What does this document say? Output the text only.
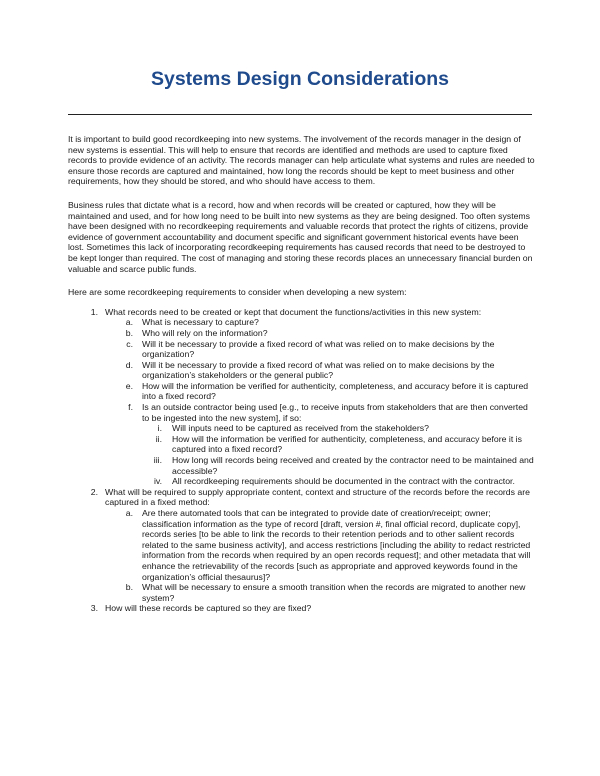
Systems Design Considerations

It is important to build good recordkeeping into new systems. The involvement of the records manager in the design of new systems is essential. This will help to ensure that records are identified and methods are used to capture fixed records to provide evidence of an activity. The records manager can help articulate what systems and rules are needed to ensure those records are captured and maintained, how long the records should be kept to meet business and other requirements, how they should be stored, and who should have access to them.

Business rules that dictate what is a record, how and when records will be created or captured, how they will be maintained and used, and for how long need to be built into new systems as they are being designed. Too often systems have been designed with no recordkeeping requirements and valuable records that protect the rights of citizens, provide evidence of government accountability and document specific and significant government historical events have been lost. Sometimes this lack of incorporating recordkeeping requirements has caused records that need to be destroyed to be kept longer than required. The cost of managing and storing these records places an unnecessary financial burden on valuable and scarce public funds.

Here are some recordkeeping requirements to consider when developing a new system:

1. What records need to be created or kept that document the functions/activities in this new system:
a. What is necessary to capture?
b. Who will rely on the information?
c. Will it be necessary to provide a fixed record of what was relied on to make decisions by the organization?
d. Will it be necessary to provide a fixed record of what was relied on to make decisions by the organization’s stakeholders or the general public?
e. How will the information be verified for authenticity, completeness, and accuracy before it is captured into a fixed record?
f. Is an outside contractor being used [e.g., to receive inputs from stakeholders that are then converted to be ingested into the new system], if so:
i. Will inputs need to be captured as received from the stakeholders?
ii. How will the information be verified for authenticity, completeness, and accuracy before it is captured into a fixed record?
iii. How long will records being received and created by the contractor need to be maintained and accessible?
iv. All recordkeeping requirements should be documented in the contract with the contractor.
2. What will be required to supply appropriate content, context and structure of the records before the records are captured in a fixed method:
a. Are there automated tools that can be integrated to provide date of creation/receipt; owner; classification information as the type of record [draft, version #, final official record, duplicate copy], records series [to be able to link the records to their retention periods and to other salient records related to the same business activity], and access restrictions [including the ability to redact restricted information from the records when required by an open records request]; and other metadata that will enhance the retrievability of the records [such as appropriate and approved keywords found in the organization’s official thesaurus]?
b. What will be necessary to ensure a smooth transition when the records are migrated to another new system?
3. How will these records be captured so they are fixed?
